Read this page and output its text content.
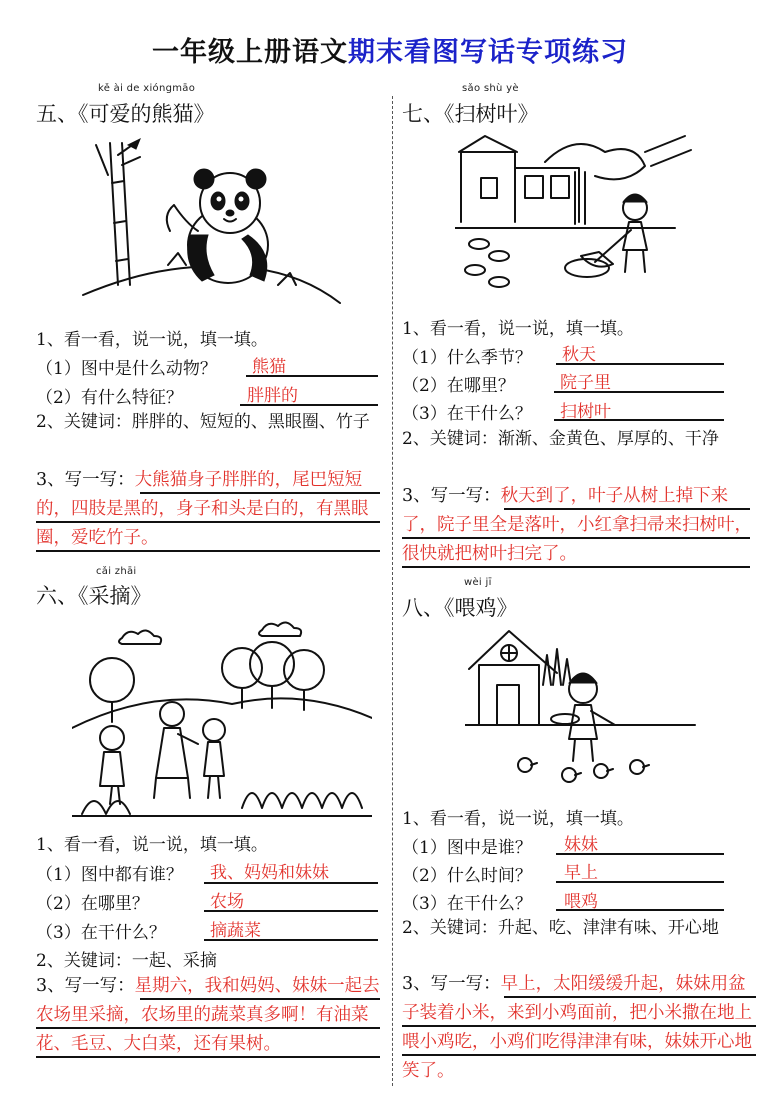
一年级上册语文期末看图写话专项练习
kě ài de xióngmāo
五、《可爱的熊猫》
1、看一看，说一说，填一填。
（1）图中是什么动物？ 熊猫
（2）有什么特征？	胖胖的
2、关键词：胖胖的、短短的、黑眼圈、竹子
3、写一写：大熊猫身子胖胖的，尾巴短短的，四肢是黑的，身子和头是白的，有黑眼圈，爱吃竹子。
cǎi zhāi
六、《采摘》
1、看一看，说一说，填一填。
（1）图中都有谁？ 我、妈妈和妹妹
（2）在哪里？	农场
（3）在干什么？	摘蔬菜
2、关键词：一起、采摘
3、写一写：星期六，我和妈妈、妹妹一起去农场里采摘，农场里的蔬菜真多啊！有油菜花、毛豆、大白菜，还有果树。
sǎo shù yè
七、《扫树叶》
1、看一看，说一说，填一填。
（1）什么季节？ 秋天
（2）在哪里？	院子里
（3）在干什么？ 扫树叶
2、关键词：渐渐、金黄色、厚厚的、干净
3、写一写：秋天到了，叶子从树上掉下来了，院子里全是落叶，小红拿扫帚来扫树叶，很快就把树叶扫完了。
wèi jī
八、《喂鸡》
1、看一看，说一说，填一填。
（1）图中是谁？ 妹妹
（2）什么时间？ 早上
（3）在干什么？ 喂鸡
2、关键词：升起、吃、津津有味、开心地
3、写一写：早上，太阳缓缓升起，妹妹用盆子装着小米，来到小鸡面前，把小米撒在地上喂小鸡吃，小鸡们吃得津津有味，妹妹开心地笑了。
